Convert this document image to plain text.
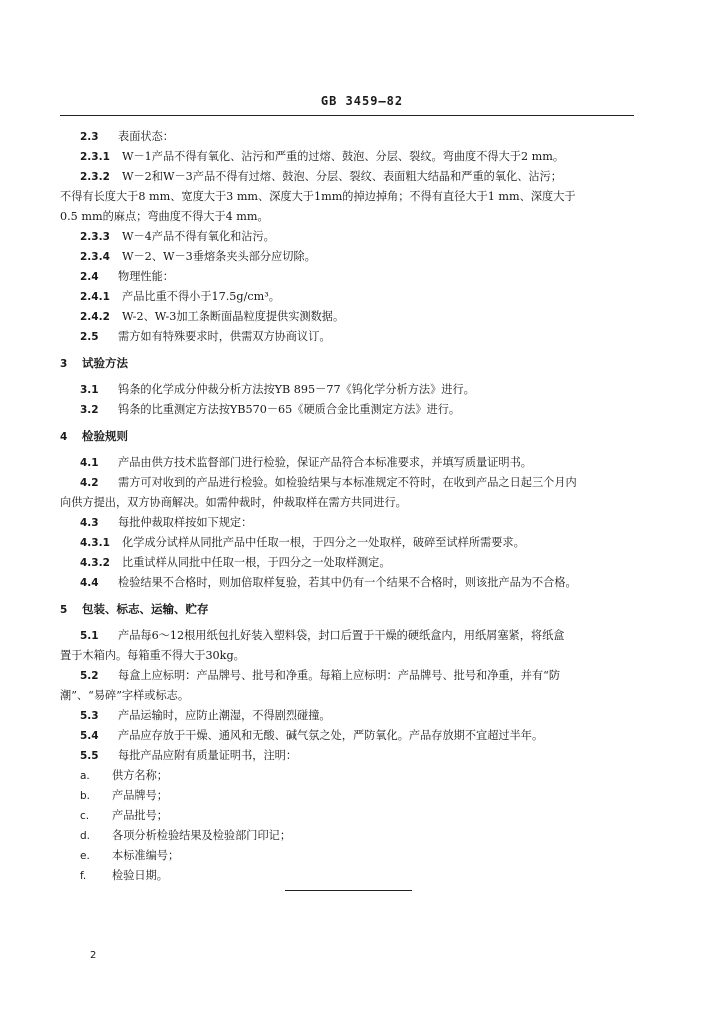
GB 3459—82
2.3 表面状态：
2.3.1 W－1产品不得有氧化、沾污和严重的过熔、鼓泡、分层、裂纹。弯曲度不得大于2 mm。
2.3.2 W－2和W－3产品不得有过熔、鼓泡、分层、裂纹、表面粗大结晶和严重的氧化、沾污；
不得有长度大于8 mm、宽度大于3 mm、深度大于1mm的掉边掉角；不得有直径大于1 mm、深度大于
0.5 mm的麻点；弯曲度不得大于4 mm。
2.3.3 W－4产品不得有氧化和沾污。
2.3.4 W－2、W－3垂熔条夹头部分应切除。
2.4 物理性能：
2.4.1 产品比重不得小于17.5g/cm³。
2.4.2 W-2、W-3加工条断面晶粒度提供实测数据。
2.5 需方如有特殊要求时，供需双方协商议订。
3 试验方法
3.1 钨条的化学成分仲裁分析方法按YB 895－77《钨化学分析方法》进行。
3.2 钨条的比重测定方法按YB570－65《硬质合金比重测定方法》进行。
4 检验规则
4.1 产品由供方技术监督部门进行检验，保证产品符合本标准要求，并填写质量证明书。
4.2 需方可对收到的产品进行检验。如检验结果与本标准规定不符时，在收到产品之日起三个月内
向供方提出，双方协商解决。如需仲裁时，仲裁取样在需方共同进行。
4.3 每批仲裁取样按如下规定：
4.3.1 化学成分试样从同批产品中任取一根，于四分之一处取样，破碎至试样所需要求。
4.3.2 比重试样从同批中任取一根，于四分之一处取样测定。
4.4 检验结果不合格时，则加倍取样复验，若其中仍有一个结果不合格时，则该批产品为不合格。
5 包装、标志、运输、贮存
5.1 产品每6～12根用纸包扎好装入塑料袋，封口后置于干燥的硬纸盒内，用纸屑塞紧，将纸盒
置于木箱内。每箱重不得大于30kg。
5.2 每盒上应标明：产品牌号、批号和净重。每箱上应标明：产品牌号、批号和净重，并有“防
潮”、“易碎”字样或标志。
5.3 产品运输时，应防止潮湿，不得剧烈碰撞。
5.4 产品应存放于干燥、通风和无酸、碱气氛之处，严防氧化。产品存放期不宜超过半年。
5.5 每批产品应附有质量证明书，注明：
a. 供方名称；
b. 产品牌号；
c. 产品批号；
d. 各项分析检验结果及检验部门印记；
e. 本标准编号；
f. 检验日期。
2
